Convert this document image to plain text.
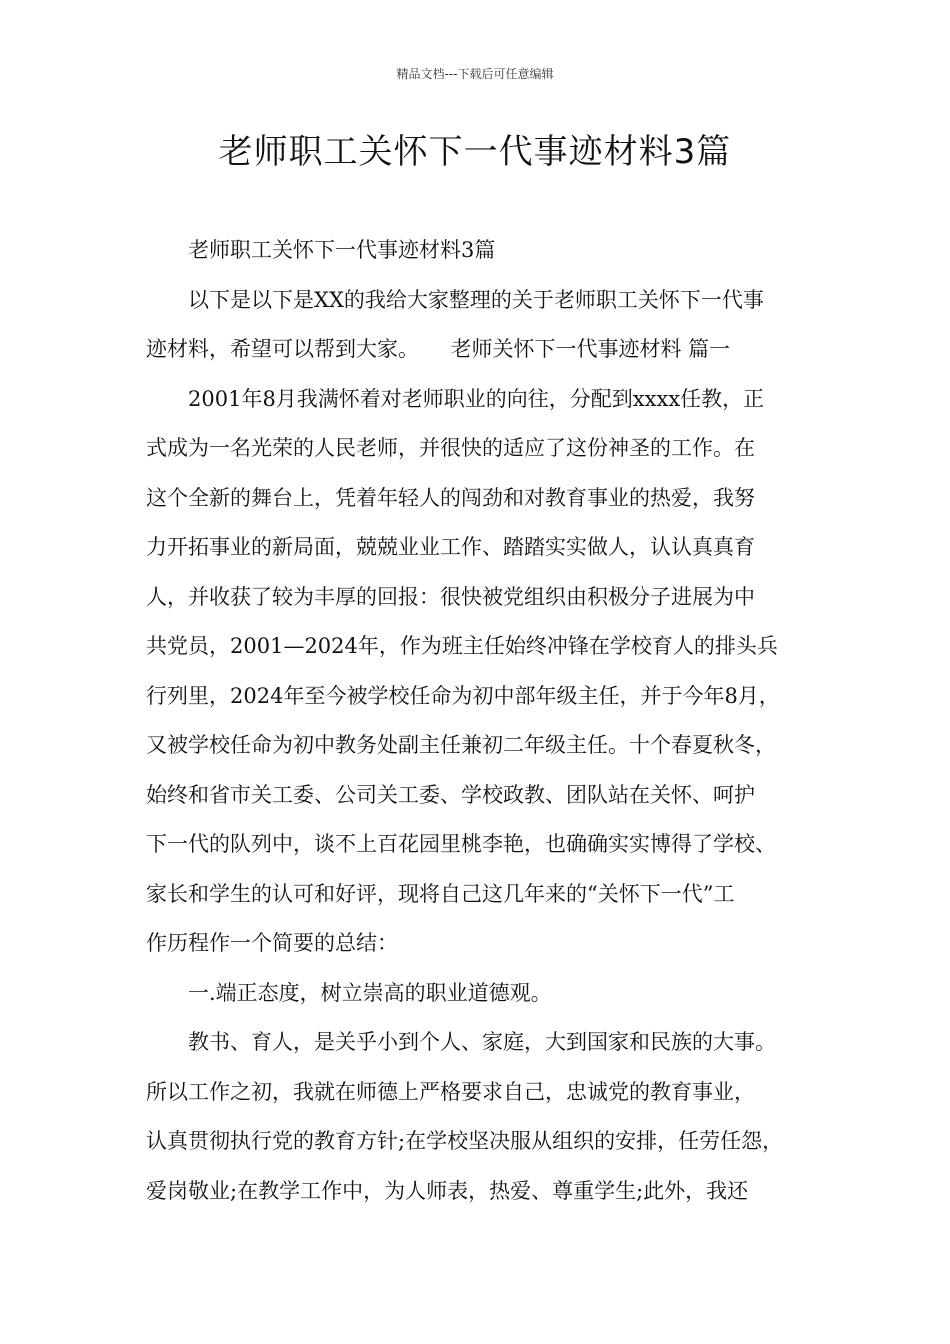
精品文档---下载后可任意编辑
老师职工关怀下一代事迹材料3篇

老师职工关怀下一代事迹材料3篇

以下是以下是XX的我给大家整理的关于老师职工关怀下一代事
迹材料，希望可以帮到大家。　　老师关怀下一代事迹材料 篇一

2001年8月我满怀着对老师职业的向往，分配到xxxx任教，正
式成为一名光荣的人民老师，并很快的适应了这份神圣的工作。在
这个全新的舞台上，凭着年轻人的闯劲和对教育事业的热爱，我努
力开拓事业的新局面，兢兢业业工作、踏踏实实做人，认认真真育
人，并收获了较为丰厚的回报：很快被党组织由积极分子进展为中
共党员，2001—2024年，作为班主任始终冲锋在学校育人的排头兵
行列里，2024年至今被学校任命为初中部年级主任，并于今年8月，
又被学校任命为初中教务处副主任兼初二年级主任。十个春夏秋冬，
始终和省市关工委、公司关工委、学校政教、团队站在关怀、呵护
下一代的队列中，谈不上百花园里桃李艳，也确确实实博得了学校、
家长和学生的认可和好评，现将自己这几年来的“关怀下一代”工
作历程作一个简要的总结：

一.端正态度，树立崇高的职业道德观。

教书、育人，是关乎小到个人、家庭，大到国家和民族的大事。
所以工作之初，我就在师德上严格要求自己，忠诚党的教育事业，
认真贯彻执行党的教育方针;在学校坚决服从组织的安排，任劳任怨，
爱岗敬业;在教学工作中，为人师表，热爱、尊重学生;此外，我还
